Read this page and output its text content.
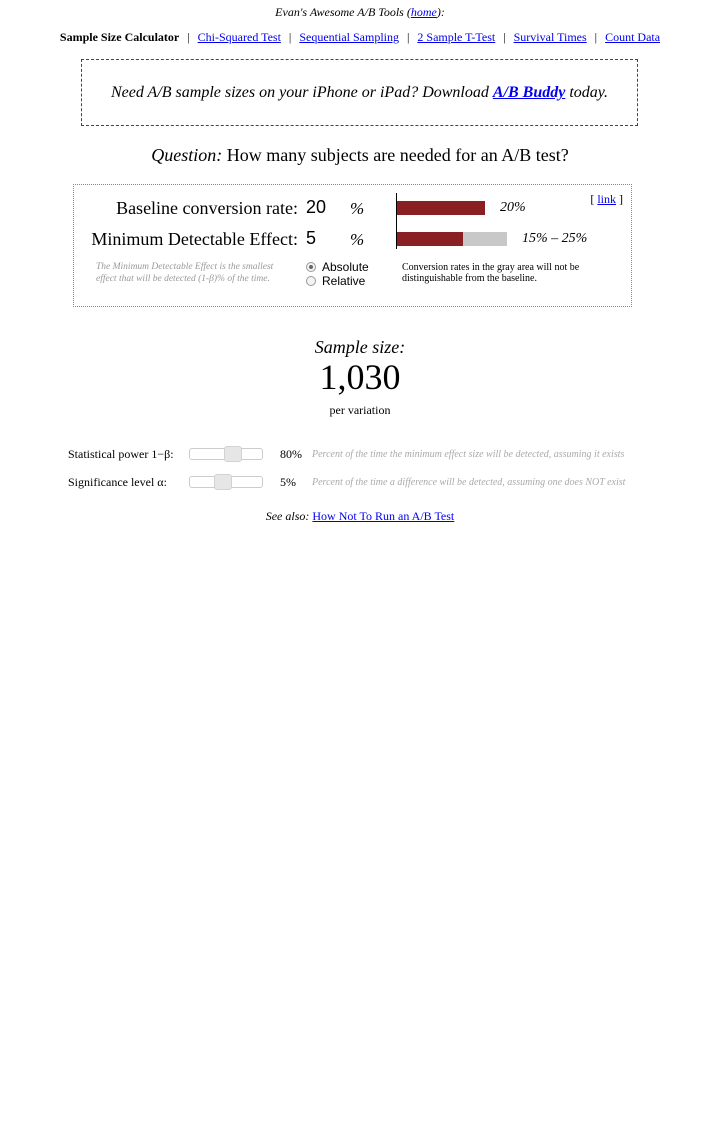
Evan's Awesome A/B Tools (home):
Sample Size Calculator | Chi-Squared Test | Sequential Sampling | 2 Sample T-Test | Survival Times | Count Data
Need A/B sample sizes on your iPhone or iPad? Download A/B Buddy today.
Question: How many subjects are needed for an A/B test?
[ link ]
Baseline conversion rate:
20	%
Minimum Detectable Effect:
5	%
20%
15% – 25%
The Minimum Detectable Effect is the smallest effect that will be detected (1-β)% of the time.
Absolute
Relative
Conversion rates in the gray area will not be distinguishable from the baseline.
Sample size:
1,030
per variation
Statistical power 1−β:	80% Percent of the time the minimum effect size will be detected, assuming it exists
Significance level α:	5% Percent of the time a difference will be detected, assuming one does NOT exist
See also: How Not To Run an A/B Test
